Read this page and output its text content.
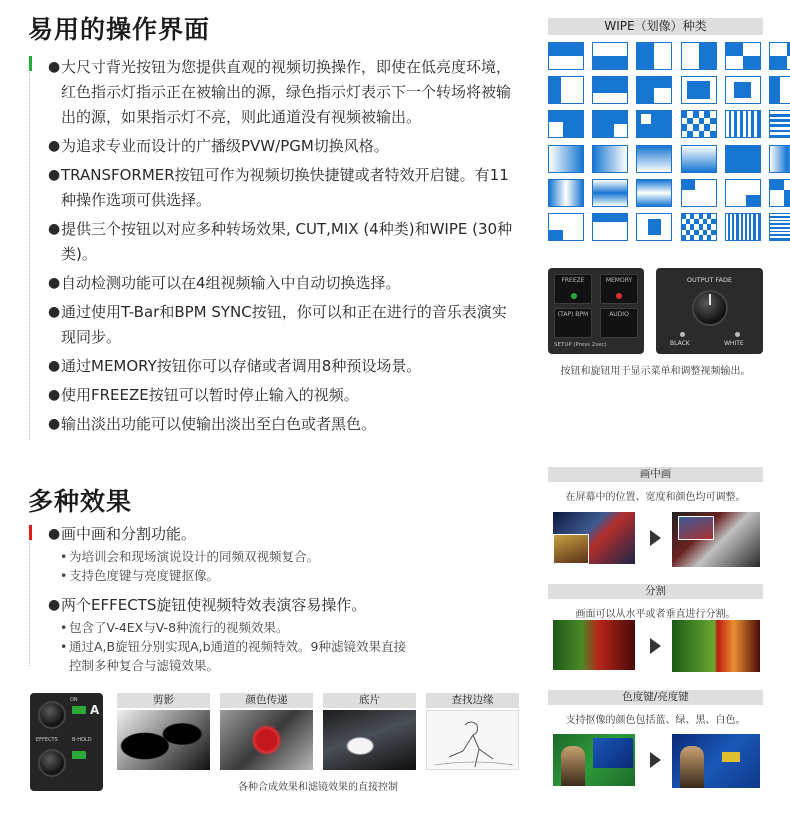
易用的操作界面
● 大尺寸背光按钮为您提供直观的视频切换操作，即使在低亮度环境，红色指示灯指示正在被输出的源，绿色指示灯表示下一个转场将被输出的源，如果指示灯不亮，则此通道没有视频被输出。
● 为追求专业而设计的广播级PVW/PGM切换风格。
● TRANSFORMER按钮可作为视频切换快捷键或者特效开启键。有11种操作选项可供选择。
● 提供三个按钮以对应多种转场效果, CUT,MIX (4种类)和WIPE (30种类)。
● 自动检测功能可以在4组视频输入中自动切换选择。
● 通过使用T-Bar和BPM SYNC按钮，你可以和正在进行的音乐表演实现同步。
● 通过MEMORY按钮你可以存储或者调用8种预设场景。
● 使用FREEZE按钮可以暂时停止输入的视频。
● 输出淡出功能可以使输出淡出至白色或者黑色。
多种效果
● 画中画和分割功能。
• 为培训会和现场演说设计的同频双视频复合。
• 支持色度键与亮度键抠像。
● 两个EFFECTS旋钮使视频特效表演容易操作。
• 包含了V-4EX与V-8种流行的视频效果。
• 通过A,B旋钮分别实现A,b通道的视频特效。9种滤镜效果直接控制多种复合与滤镜效果。
WIPE（划像）种类
FREEZE	MEMORY
(TAP) BPM	AUDIO
SETUP (Press 2sec)
OUTPUT FADE
BLACK	WHITE
按钮和旋钮用于显示菜单和调整视频输出。
画中画
在屏幕中的位置、宽度和颜色均可调整。
分割
画面可以从水平或者垂直进行分割。
色度键/亮度键
支持抠像的颜色包括蓝、绿、黑、白色。
ON
A
EFFECTS	B-HOLD
剪影	颜色传递	底片	查找边缘
各种合成效果和滤镜效果的直接控制
